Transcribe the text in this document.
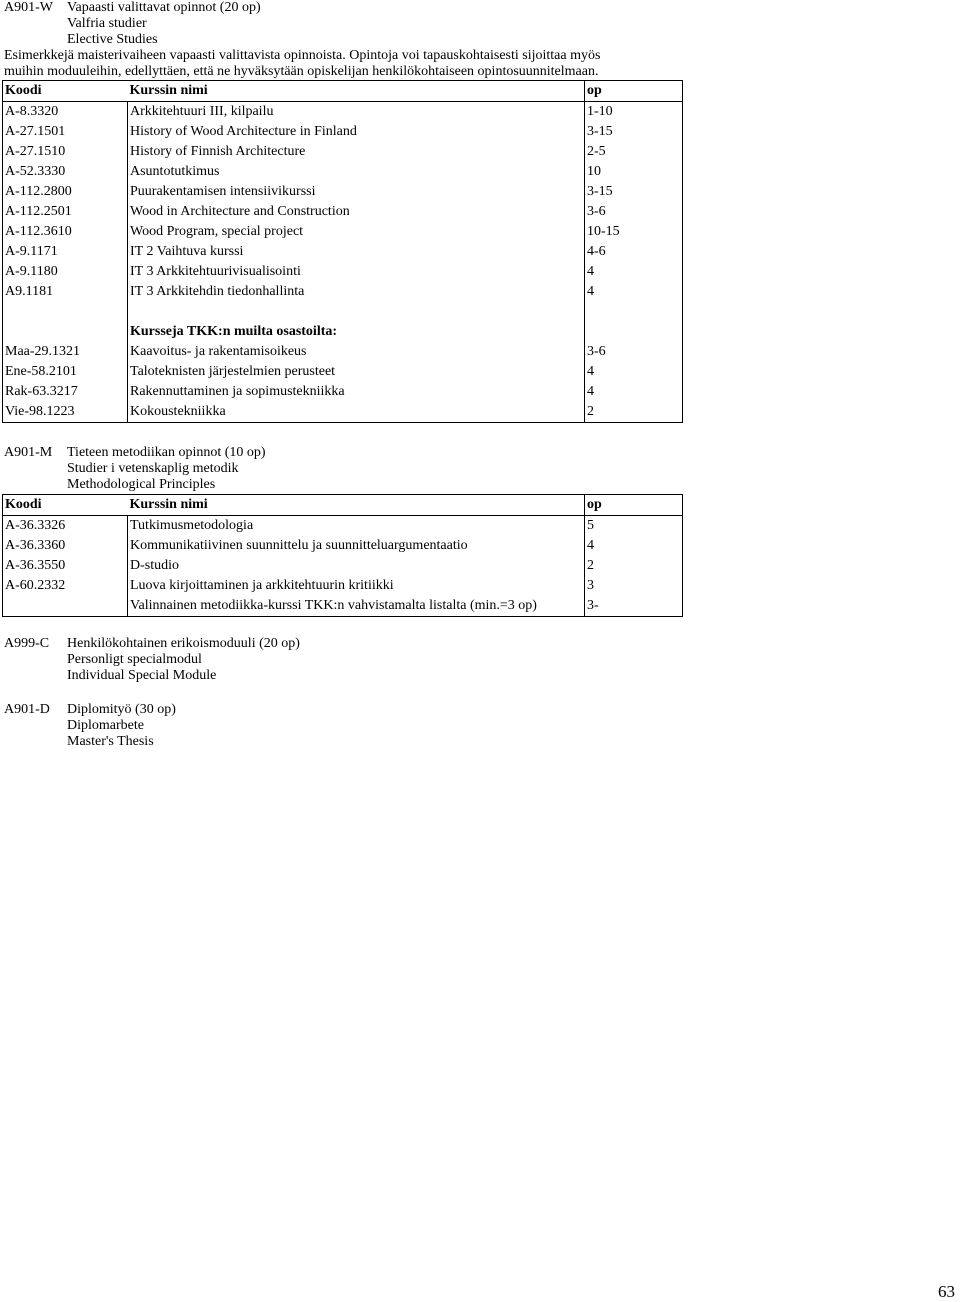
A901-W Vapaasti valittavat opinnot (20 op)
Valfria studier
Elective Studies
Esimerkkejä maisterivaiheen vapaasti valittavista opinnoista. Opintoja voi tapauskohtaisesti sijoittaa myös
muihin moduuleihin, edellyttäen, että ne hyväksytään opiskelijan henkilökohtaiseen opintosuunnitelmaan.
Koodi	Kurssin nimi	op
A-8.3320	Arkkitehtuuri III, kilpailu	1-10
A-27.1501	History of Wood Architecture in Finland	3-15
A-27.1510	History of Finnish Architecture	2-5
A-52.3330	Asuntotutkimus	10
A-112.2800	Puurakentamisen intensiivikurssi	3-15
A-112.2501	Wood in Architecture and Construction	3-6
A-112.3610	Wood Program, special project	10-15
A-9.1171	IT 2 Vaihtuva kurssi	4-6
A-9.1180	IT 3 Arkkitehtuurivisualisointi	4
A9.1181	IT 3 Arkkitehdin tiedonhallinta	4

	Kursseja TKK:n muilta osastoilta:	
Maa-29.1321	Kaavoitus- ja rakentamisoikeus	3-6
Ene-58.2101	Taloteknisten järjestelmien perusteet	4
Rak-63.3217	Rakennuttaminen ja sopimustekniikka	4
Vie-98.1223	Kokoustekniikka	2
A901-M Tieteen metodiikan opinnot (10 op)
Studier i vetenskaplig metodik
Methodological Principles
Koodi	Kurssin nimi	op
A-36.3326	Tutkimusmetodologia	5
A-36.3360	Kommunikatiivinen suunnittelu ja suunnitteluargumentaatio	4
A-36.3550	D-studio	2
A-60.2332	Luova kirjoittaminen ja arkkitehtuurin kritiikki	3
	Valinnainen metodiikka-kurssi TKK:n vahvistamalta listalta (min.=3 op)	3-
A999-C Henkilökohtainen erikoismoduuli (20 op)
Personligt specialmodul
Individual Special Module
A901-D Diplomityö (30 op)
Diplomarbete
Master's Thesis
63
